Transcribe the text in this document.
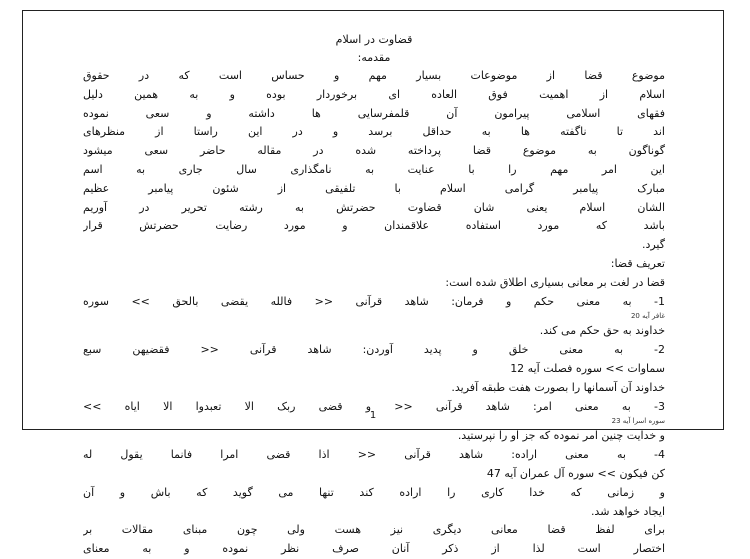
قضاوت در اسلام
مقدمه:
موضوع قضا از موضوعات بسیار مهم و حساس است که در حقوق
اسلام از اهمیت فوق العاده ای برخوردار بوده و به همین دلیل
فقهای اسلامی پیرامون آن قلمفرسایی ها داشته و سعی نموده
اند تا ناگفته ها به حداقل برسد و در این راستا از منظرهای
گوناگون به موضوع قضا پرداخته شده در مقاله حاضر سعی میشود
این امر مهم را با عنایت به نامگذاری سال جاری به اسم
مبارک پیامبر گرامی اسلام با تلفیقی از شئون پیامبر عظیم
الشان اسلام یعنی شان قضاوت حضرتش به رشته تحریر در آوریم
باشد که مورد استفاده علاقمندان و مورد رضایت حضرتش قرار
گیرد.
تعریف قضا:
قضا در لغت بر معانی بسیاری اطلاق شده است:
1- به معنی حکم و فرمان: شاهد قرآنی << فالله یقضی بالحق >> سوره
غافر آیه 20
خداوند به حق حکم می کند.
2- به معنی خلق و پدید آوردن: شاهد قرآنی << فقضیهن سبع
سماوات >> سوره فصلت آیه 12
خداوند آن آسمانها را بصورت هفت طبقه آفرید.
3- به معنی امر: شاهد قرآنی << و قضی ربک الا تعبدوا الا ایاه >>
سوره اسرا آیه 23
و خدایت چنین امر نموده که جز او را نپرستید.
4- به معنی اراده: شاهد قرآنی << اذا قضی امرا فانما یقول له
کن فیکون >> سوره آل عمران آیه 47
و زمانی که خدا کاری را اراده کند تنها می گوید که باش و آن
ایجاد خواهد شد.
برای لفظ قضا معانی دیگری نیز هست ولی چون مبنای مقالات بر
اختصار است لذا از ذکر آنان صرف نظر نموده و به معنای
1
